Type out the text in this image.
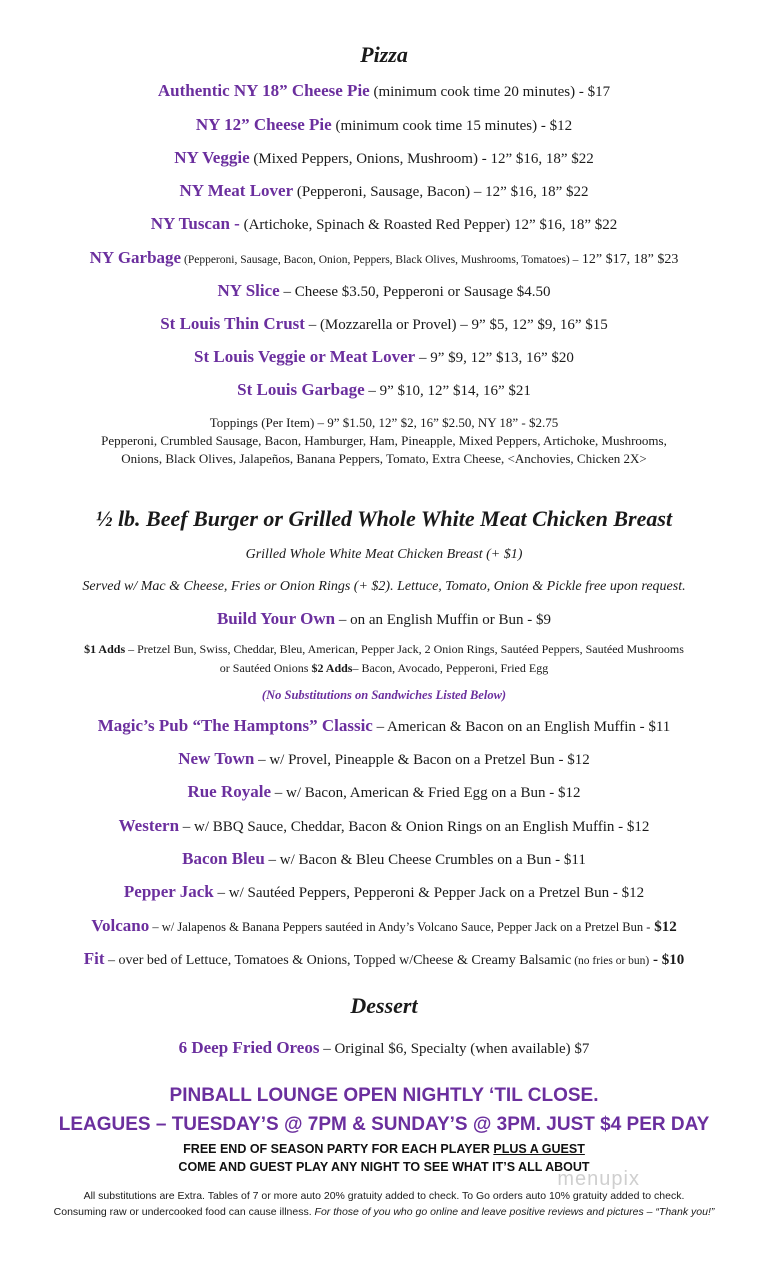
Pizza
Authentic NY 18” Cheese Pie (minimum cook time 20 minutes) - $17
NY 12” Cheese Pie (minimum cook time 15 minutes) - $12
NY Veggie (Mixed Peppers, Onions, Mushroom) - 12” $16, 18” $22
NY Meat Lover (Pepperoni, Sausage, Bacon) – 12” $16, 18” $22
NY Tuscan - (Artichoke, Spinach & Roasted Red Pepper) 12” $16, 18” $22
NY Garbage (Pepperoni, Sausage, Bacon, Onion, Peppers, Black Olives, Mushrooms, Tomatoes) – 12” $17, 18” $23
NY Slice – Cheese $3.50, Pepperoni or Sausage $4.50
St Louis Thin Crust – (Mozzarella or Provel) – 9” $5, 12” $9, 16” $15
St Louis Veggie or Meat Lover – 9” $9, 12” $13, 16” $20
St Louis Garbage – 9” $10, 12” $14, 16” $21
Toppings (Per Item) – 9” $1.50, 12” $2, 16” $2.50, NY 18” - $2.75
Pepperoni, Crumbled Sausage, Bacon, Hamburger, Ham, Pineapple, Mixed Peppers, Artichoke, Mushrooms,
Onions, Black Olives, Jalapeños, Banana Peppers, Tomato, Extra Cheese, <Anchovies, Chicken 2X>
½ lb. Beef Burger or Grilled Whole White Meat Chicken Breast
Grilled Whole White Meat Chicken Breast (+ $1)
Served w/ Mac & Cheese, Fries or Onion Rings (+ $2). Lettuce, Tomato, Onion & Pickle free upon request.
Build Your Own – on an English Muffin or Bun - $9
$1 Adds – Pretzel Bun, Swiss, Cheddar, Bleu, American, Pepper Jack, 2 Onion Rings, Sautéed Peppers, Sautéed Mushrooms
or Sautéed Onions $2 Adds– Bacon, Avocado, Pepperoni, Fried Egg
(No Substitutions on Sandwiches Listed Below)
Magic’s Pub “The Hamptons” Classic – American & Bacon on an English Muffin - $11
New Town – w/ Provel, Pineapple & Bacon on a Pretzel Bun - $12
Rue Royale – w/ Bacon, American & Fried Egg on a Bun - $12
Western – w/ BBQ Sauce, Cheddar, Bacon & Onion Rings on an English Muffin - $12
Bacon Bleu – w/ Bacon & Bleu Cheese Crumbles on a Bun - $11
Pepper Jack – w/ Sautéed Peppers, Pepperoni & Pepper Jack on a Pretzel Bun - $12
Volcano – w/ Jalapenos & Banana Peppers sautéed in Andy’s Volcano Sauce, Pepper Jack on a Pretzel Bun - $12
Fit – over bed of Lettuce, Tomatoes & Onions, Topped w/Cheese & Creamy Balsamic (no fries or bun) - $10
Dessert
6 Deep Fried Oreos – Original $6, Specialty (when available) $7
PINBALL LOUNGE OPEN NIGHTLY ‘TIL CLOSE.
LEAGUES – TUESDAY’S @ 7PM & SUNDAY’S @ 3PM. JUST $4 PER DAY
FREE END OF SEASON PARTY FOR EACH PLAYER PLUS A GUEST
COME AND GUEST PLAY ANY NIGHT TO SEE WHAT IT’S ALL ABOUT
menupix
All substitutions are Extra. Tables of 7 or more auto 20% gratuity added to check. To Go orders auto 10% gratuity added to check.
Consuming raw or undercooked food can cause illness. For those of you who go online and leave positive reviews and pictures – “Thank you!”
